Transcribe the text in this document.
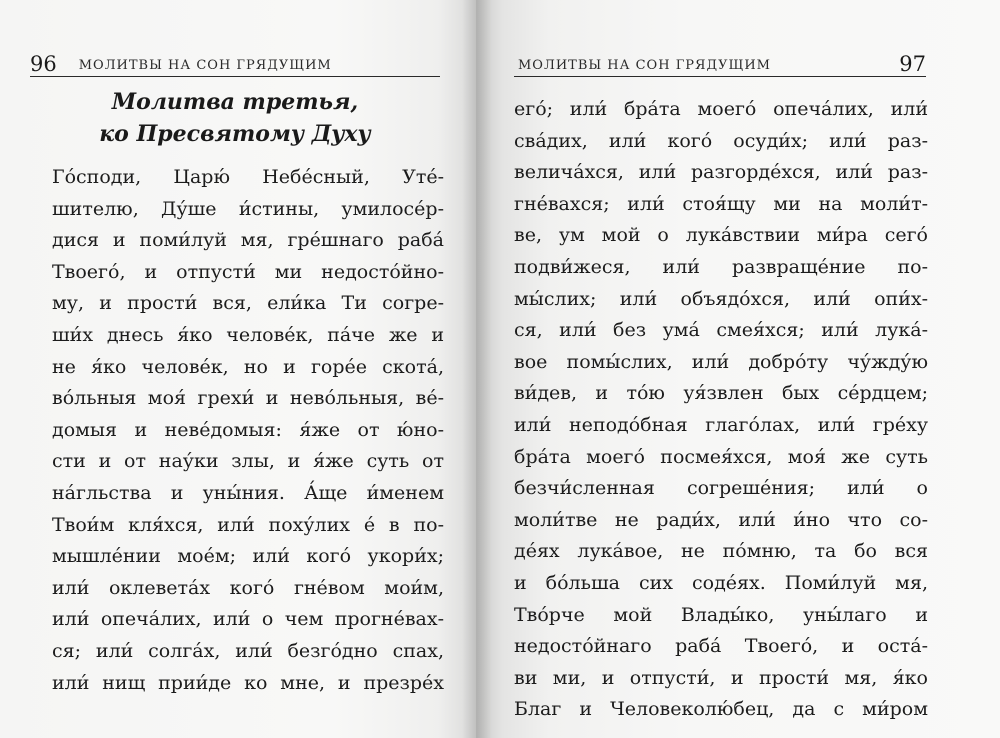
96 МОЛИТВЫ НА СОН ГРЯДУЩИМ
Молитва третья,
ко Пресвятому Духу
Го́споди, Царю́ Небе́сный, Уте́-
шителю, Ду́ше и́стины, умилосе́р-
дися и поми́луй мя, гре́шнаго раба́
Твоего́, и отпусти́ ми недосто́йно-
му, и прости́ вся, ели́ка Ти согре-
ши́х днесь я́ко челове́к, па́че же и
не я́ко челове́к, но и горе́е скота́,
во́льныя моя́ грехи́ и нево́льныя, ве́-
домыя и неве́домыя: я́же от ю́но-
сти и от нау́ки злы, и я́же суть от
на́гльства и уны́ния. А́ще и́менем
Твои́м кля́хся, или́ поху́лих е́ в по-
мышле́нии мое́м; или́ кого́ укори́х;
или́ оклевета́х кого́ гне́вом мои́м,
или́ опеча́лих, или́ о чем прогне́вах-
ся; или́ солга́х, или́ безго́дно спах,
или́ нищ прии́де ко мне, и презре́х
МОЛИТВЫ НА СОН ГРЯДУЩИМ	97
его́; или́ бра́та моего́ опеча́лих, или́
сва́дих, или́ кого́ осуди́х; или́ раз-
велича́хся, или́ разгорде́хся, или́ раз-
гне́вахся; или́ стоя́щу ми на моли́т-
ве, ум мой о лука́вствии ми́ра сего́
подви́жеся, или́ развраще́ние по-
мы́слих; или́ объядо́хся, или́ опи́х-
ся, или́ без ума́ смея́хся; или́ лука́-
вое помы́слих, или́ добро́ту чу́жду́ю
ви́дев, и то́ю уя́звлен бых се́рдцем;
или́ неподо́бная глаго́лах, или́ гре́ху
бра́та моего́ посмея́хся, моя́ же суть
безчи́сленная согреше́ния; или́ о
моли́тве не ради́х, или́ и́но что со-
де́ях лука́вое, не по́мню, та бо вся
и бо́льша сих соде́ях. Поми́луй мя,
Тво́рче мой Влады́ко, уны́лаго и
недосто́йнаго раба́ Твоего́, и оста́-
ви ми, и отпусти́, и прости́ мя, я́ко
Благ и Человеколю́бец, да с ми́ром
